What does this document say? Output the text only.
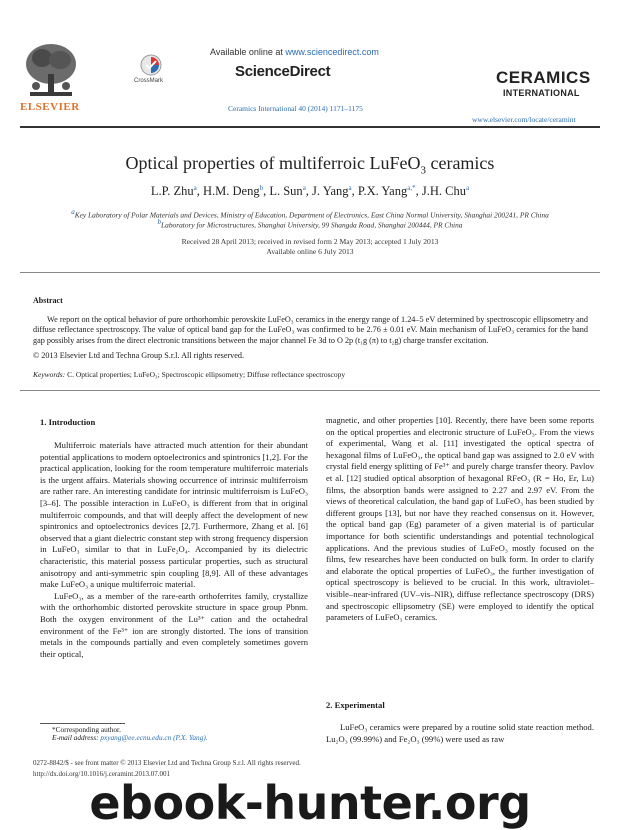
ELSEVIER
CrossMark
Available online at www.sciencedirect.com
ScienceDirect
Ceramics International 40 (2014) 1171–1175
CERAMICS
INTERNATIONAL
www.elsevier.com/locate/ceramint
Optical properties of multiferroic LuFeO$_3$ ceramics
L.P. Zhu$^a$, H.M. Deng$^b$, L. Sun$^a$, J. Yang$^a$, P.X. Yang$^{a,*}$, J.H. Chu$^a$
$^a$Key Laboratory of Polar Materials and Devices, Ministry of Education, Department of Electronics, East China Normal University, Shanghai 200241, PR China
$^b$Laboratory for Microstructures, Shanghai University, 99 Shangda Road, Shanghai 200444, PR China
Received 28 April 2013; received in revised form 2 May 2013; accepted 1 July 2013
Available online 6 July 2013
Abstract
We report on the optical behavior of pure orthorhombic perovskite LuFeO₃ ceramics in the energy range of 1.24–5 eV determined by spectroscopic ellipsometry and diffuse reflectance spectroscopy. The value of optical band gap for the LuFeO₃ was confirmed to be 2.76 ± 0.01 eV. Main mechanism of LuFeO₃ ceramics for the band gap possibly arises from the direct electronic transitions between the major channel Fe 3d to O 2p (t₁g (π) to t₂g) charge transfer excitation.
© 2013 Elsevier Ltd and Techna Group S.r.l. All rights reserved.
Keywords: C. Optical properties; LuFeO₃; Spectroscopic ellipsometry; Diffuse reflectance spectroscopy
1. Introduction

Multiferroic materials have attracted much attention for their abundant potential applications to modern optoelectronics and spintronics [1,2]. For the practical application, looking for the room temperature multiferroic materials is the urgent affairs. Materials showing occurrence of intrinsic multiferroism are rather rare. An interesting candidate for intrinsic multiferroism is LuFeO₃ [3–6]. The possible interaction in LuFeO₃ is different from that in original multiferroic compounds, and that will deeply affect the development of new spintronics and optoelectronics devices [2,7]. Furthermore, Zhang et al. [6] observed that a giant dielectric constant step with strong frequency dispersion in LuFeO₃ similar to that in LuFe₂O₄. Accompanied by its dielectric characteristic, this material possess particular properties, such as structural anisotropy and anti-symmetric spin coupling [8,9]. All of these advantages make LuFeO₃ a unique multiferroic material.

LuFeO₃, as a member of the rare-earth orthoferrites family, crystallize with the orthorhombic distorted perovskite structure in space group Pbnm. Both the oxygen environment of the Lu³⁺ cation and the octahedral environment of the Fe³⁺ ion are strongly distorted. The ions of transition metals in the compounds partially and even completely sometimes govern their optical,

*Corresponding author.
E-mail address: pxyang@ee.ecnu.edu.cn (P.X. Yang).

magnetic, and other properties [10]. Recently, there have been some reports on the optical properties and electronic structure of LuFeO₃. From the views of experimental, Wang et al. [11] investigated the optical spectra of hexagonal films of LuFeO₃, the optical band gap was assigned to 2.0 eV with crystal field energy splitting of Fe³⁺ and purely charge transfer theory. Pavlov et al. [12] studied optical absorption of hexagonal RFeO₃ (R = Ho, Er, Lu) films, the absorption bands were assigned to 2.27 and 2.97 eV. From the views of theoretical calculation, the band gap of LuFeO₃ has been studied by different groups [13], but nor have they reached consensus on it. However, the optical band gap (Eg) parameter of a given material is of particular importance for both scientific understandings and potential technological applications. And the previous studies of LuFeO₃ mostly focused on the films, few researches have been conducted on bulk form. In order to clarify and elaborate the optical properties of LuFeO₃, the further investigation of optical spectroscopy is believed to be crucial. In this work, ultraviolet–visible–near-infrared (UV–vis–NIR), diffuse reflectance spectroscopy (DRS) and spectroscopic ellipsometry (SE) were employed to identify the optical parameters of LuFeO₃ ceramics.

2. Experimental

LuFeO₃ ceramics were prepared by a routine solid state reaction method. Lu₂O₃ (99.99%) and Fe₂O₃ (99%) were used as raw

0272-8842/$ - see front matter © 2013 Elsevier Ltd and Techna Group S.r.l. All rights reserved.
http://dx.doi.org/10.1016/j.ceramint.2013.07.001
ebook-hunter.org
